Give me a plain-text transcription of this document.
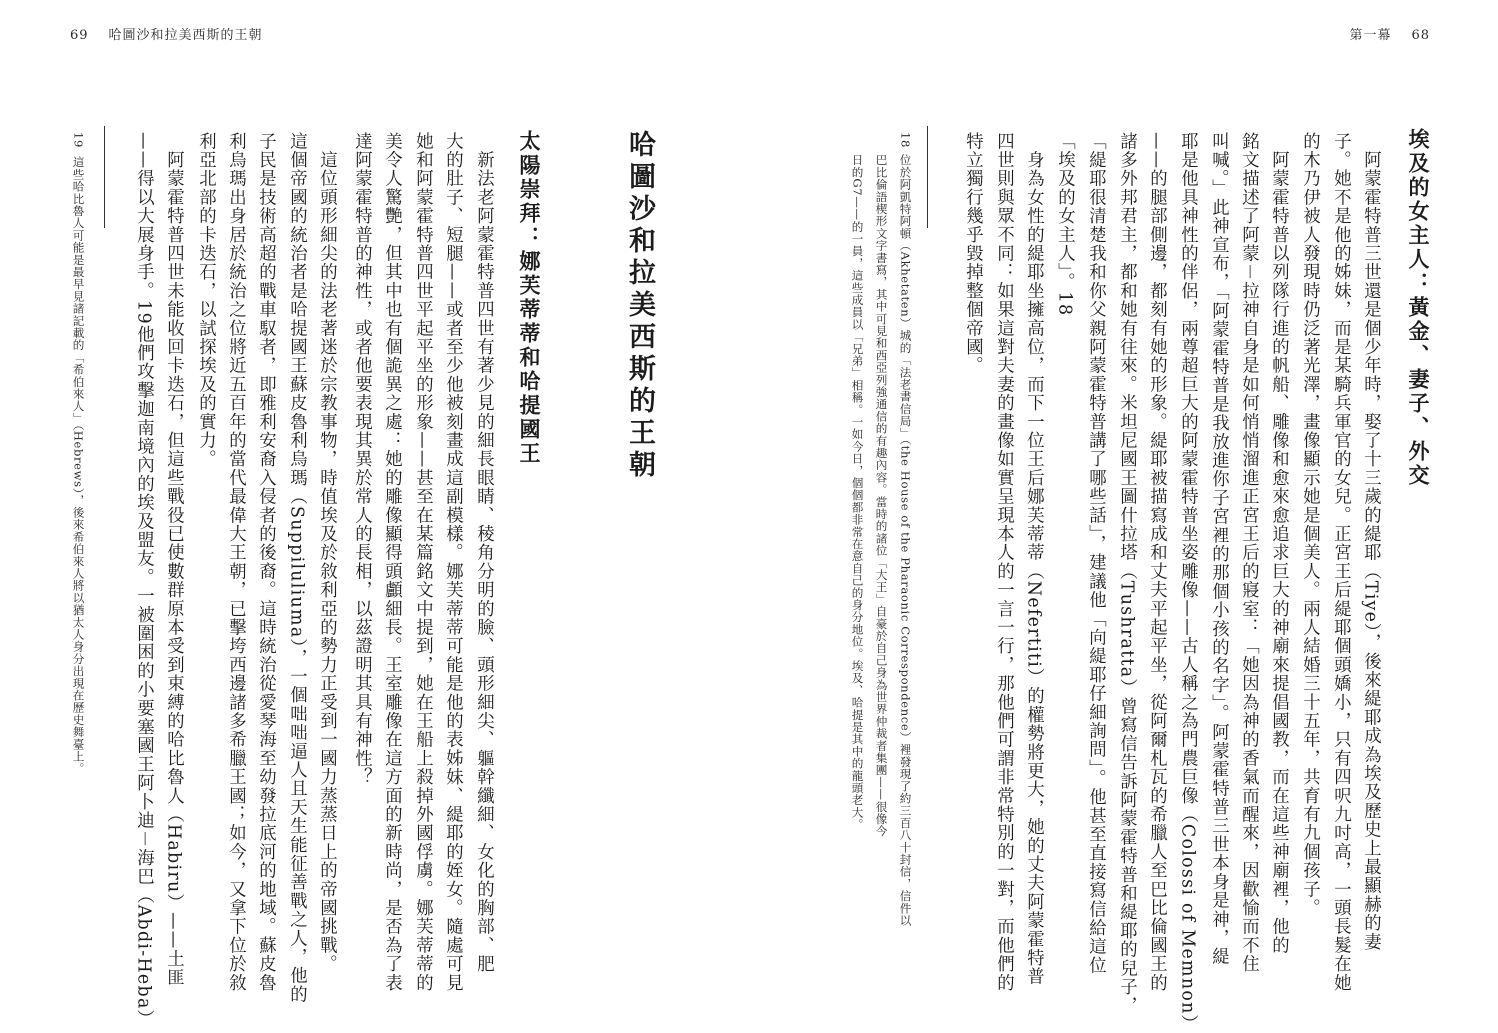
69 哈圖沙和拉美西斯的王朝
哈圖沙和拉美西斯的王朝
太陽崇拜：娜芙蒂蒂和哈提國王
　新法老阿蒙霍特普四世有著少見的細長眼睛、稜角分明的臉、頭形細尖、軀幹纖細、女化的胸部、肥
大的肚子、短腿——或者至少他被刻畫成這副模樣。娜芙蒂蒂可能是他的表姊妹、緹耶的姪女。隨處可見
她和阿蒙霍特普四世平起平坐的形象——甚至在某篇銘文中提到，她在王船上殺掉外國俘虜。娜芙蒂蒂的
美令人驚艷，但其中也有個詭異之處：她的雕像顯得頭顱細長。王室雕像在這方面的新時尚，是否為了表
達阿蒙霍特普的神性，或者他要表現其異於常人的長相，以茲證明其具有神性？
　這位頭形細尖的法老著迷於宗教事物，時值埃及於敘利亞的勢力正受到一國力蒸蒸日上的帝國挑戰。
這個帝國的統治者是哈提國王蘇皮魯利烏瑪（Suppiluliuma），一個咄咄逼人且天生能征善戰之人，他的
子民是技術高超的戰車馭者，即雅利安裔入侵者的後裔。這時統治從愛琴海至幼發拉底河的地域。蘇皮魯
利烏瑪出身居於統治之位將近五百年的當代最偉大王朝，已擊垮西邊諸多希臘王國；如今，又拿下位於敘
利亞北部的卡迭石，以試探埃及的實力。
　阿蒙霍特普四世未能收回卡迭石，但這些戰役已使數群原本受到束縛的哈比魯人（Habiru）——土匪
——得以大展身手。19他們攻擊迦南境內的埃及盟友。一被圍困的小要塞國王阿卜迪－海巴（Abdi-Heba）
19
這些哈比魯人可能是最早見諸記載的「希伯來人」（Hebrews），後來希伯來人將以猶太人身分出現在歷史舞臺上。
第一幕 68
埃及的女主人：黃金、妻子、外交
　阿蒙霍特普三世還是個少年時，娶了十三歲的緹耶（Tiye），後來緹耶成為埃及歷史上最顯赫的妻
子。她不是他的姊妹，而是某騎兵軍官的女兒。正宮王后緹耶個頭嬌小，只有四呎九吋高，一頭長髮在她
的木乃伊被人發現時仍泛著光澤，畫像顯示她是個美人。兩人結婚三十五年，共育有九個孩子。
　阿蒙霍特普以列隊行進的帆船、雕像和愈來愈追求巨大的神廟來提倡國教，而在這些神廟裡，他的
銘文描述了阿蒙－拉神自身是如何悄悄溜進正宮王后的寢室：「她因為神的香氣而醒來，因歡愉而不住
叫喊。」此神宣布，「阿蒙霍特普是我放進你子宮裡的那個小孩的名字」。阿蒙霍特普三世本身是神，緹
耶是他具神性的伴侶，兩尊超巨大的阿蒙霍特普坐姿雕像——古人稱之為門農巨像（Colossi of Memnon）
——的腿部側邊，都刻有她的形象。緹耶被描寫成和丈夫平起平坐，從阿爾札瓦的希臘人至巴比倫國王的
諸多外邦君主，都和她有往來。米坦尼國王圖什拉塔（Tushratta）曾寫信告訴阿蒙霍特普和緹耶的兒子，
「緹耶很清楚我和你父親阿蒙霍特普講了哪些話」，建議他「向緹耶仔細詢問」。他甚至直接寫信給這位
「埃及的女主人」。18
　身為女性的緹耶坐擁高位，而下一位王后娜芙蒂蒂（Nefertiti）的權勢將更大，她的丈夫阿蒙霍特普
四世則與眾不同：如果這對夫妻的畫像如實呈現本人的一言一行，那他們可謂非常特別的一對，而他們的
特立獨行幾乎毀掉整個帝國。
18
位於阿凱特阿頓（Akhetaten）城的「法老書信局」（the House of the Pharaonic Correspondence）裡發現了約三百八十封信，信件以
巴比倫語楔形文字書寫，其中可見和西亞列強通信的有趣內容。當時的諸位「大王」自豪於自己身為世界仲裁者集團——很像今
日的G7——的一員，這些成員以「兄弟」相稱。一如今日，個個都非常在意自己的身分地位。埃及、哈提是其中的龍頭老大。
